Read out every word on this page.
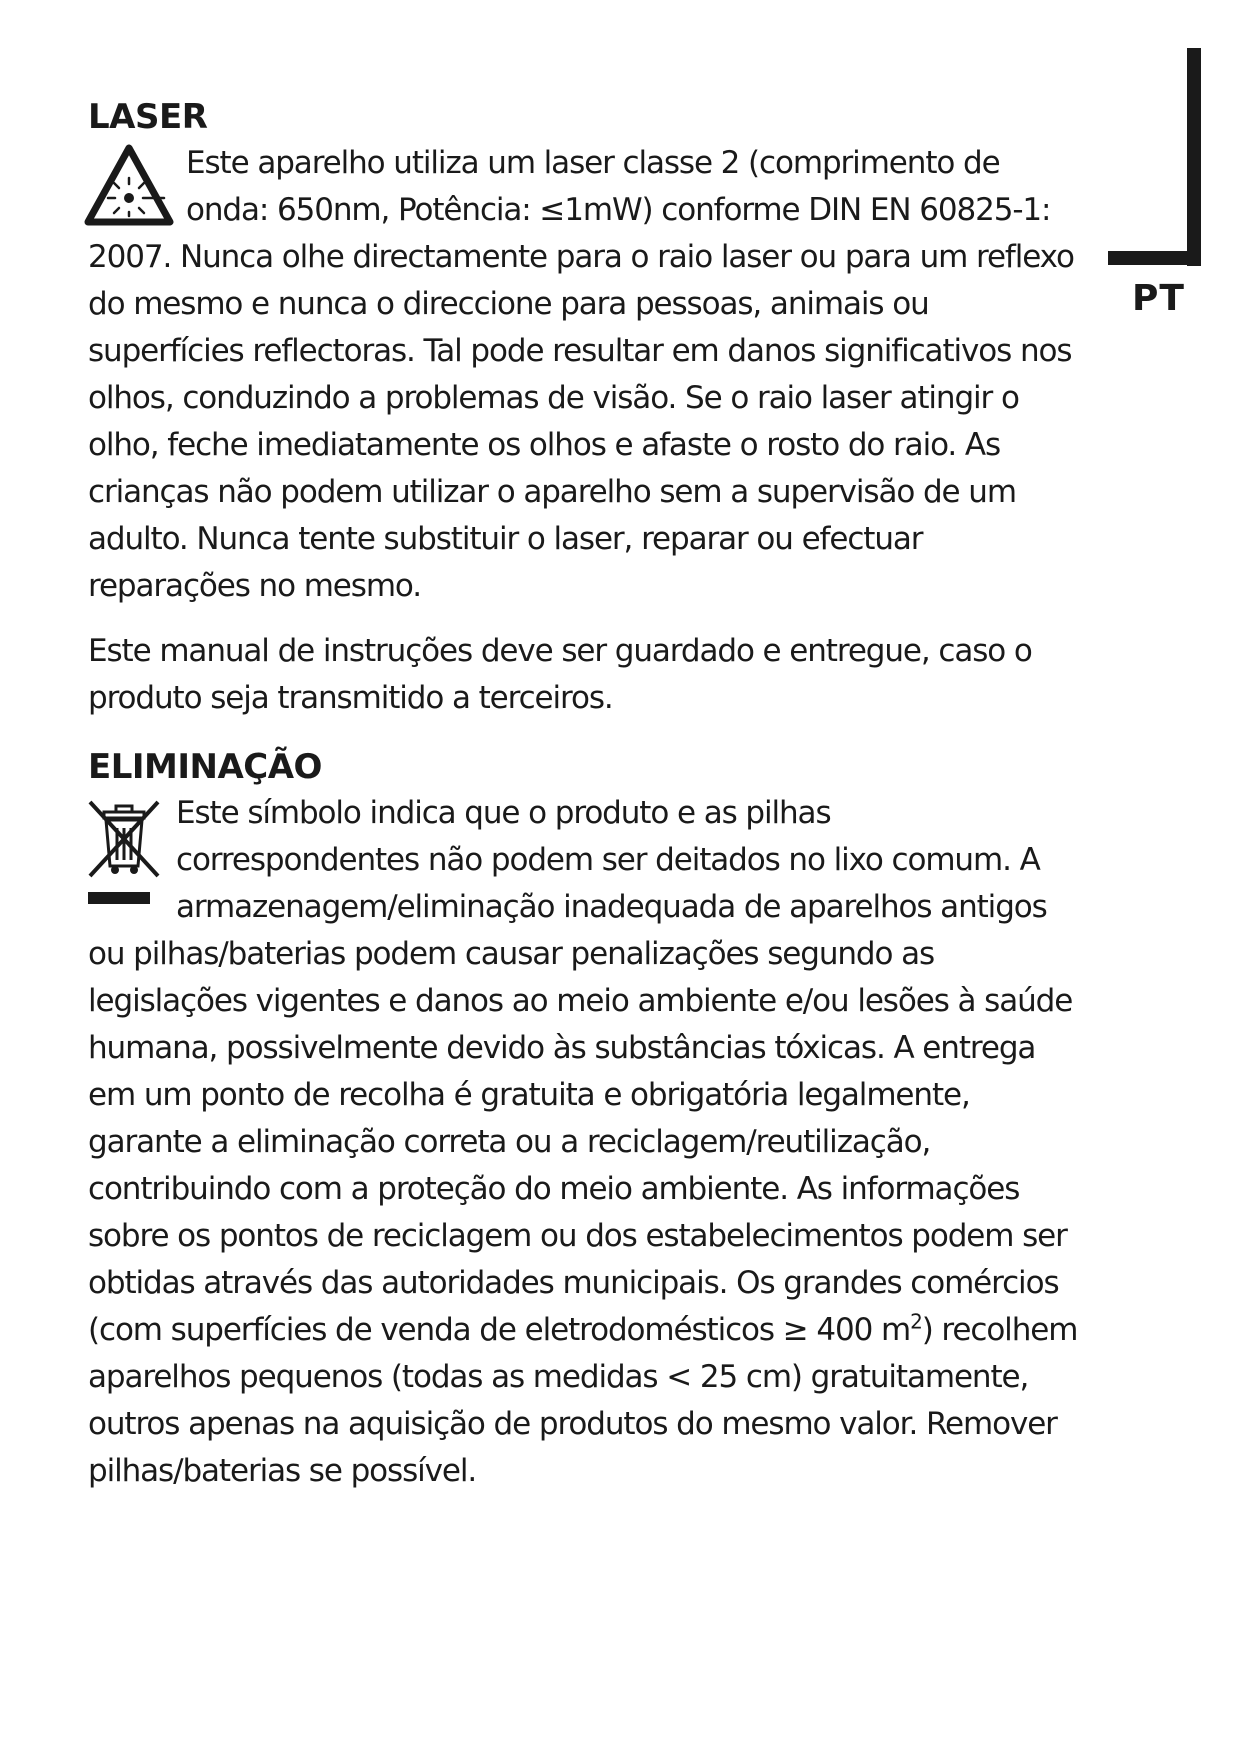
PT
LASER

Este aparelho utiliza um laser classe 2 (comprimento de onda: 650nm, Potência: ≤1mW) conforme DIN EN 60825-1: 2007. Nunca olhe directamente para o raio laser ou para um reflexo do mesmo e nunca o direccione para pessoas, animais ou superfícies reflectoras. Tal pode resultar em danos significativos nos olhos, conduzindo a problemas de visão. Se o raio laser atingir o olho, feche imediatamente os olhos e afaste o rosto do raio. As crianças não podem utilizar o aparelho sem a supervisão de um adulto. Nunca tente substituir o laser, reparar ou efectuar reparações no mesmo.

Este manual de instruções deve ser guardado e entregue, caso o produto seja transmitido a terceiros.

ELIMINAÇÃO

Este símbolo indica que o produto e as pilhas correspondentes não podem ser deitados no lixo comum. A armazenagem/eliminação inadequada de aparelhos antigos ou pilhas/baterias podem causar penalizações segundo as legislações vigentes e danos ao meio ambiente e/ou lesões à saúde humana, possivelmente devido às substâncias tóxicas. A entrega em um ponto de recolha é gratuita e obrigatória legalmente, garante a eliminação correta ou a reciclagem/reutilização, contribuindo com a proteção do meio ambiente. As informações sobre os pontos de reciclagem ou dos estabelecimentos podem ser obtidas através das autoridades municipais. Os grandes comércios (com superfícies de venda de eletrodomésticos ≥ 400 $m^2$) recolhem aparelhos pequenos (todas as medidas < 25 cm) gratuitamente, outros apenas na aquisição de produtos do mesmo valor. Remover pilhas/baterias se possível.
